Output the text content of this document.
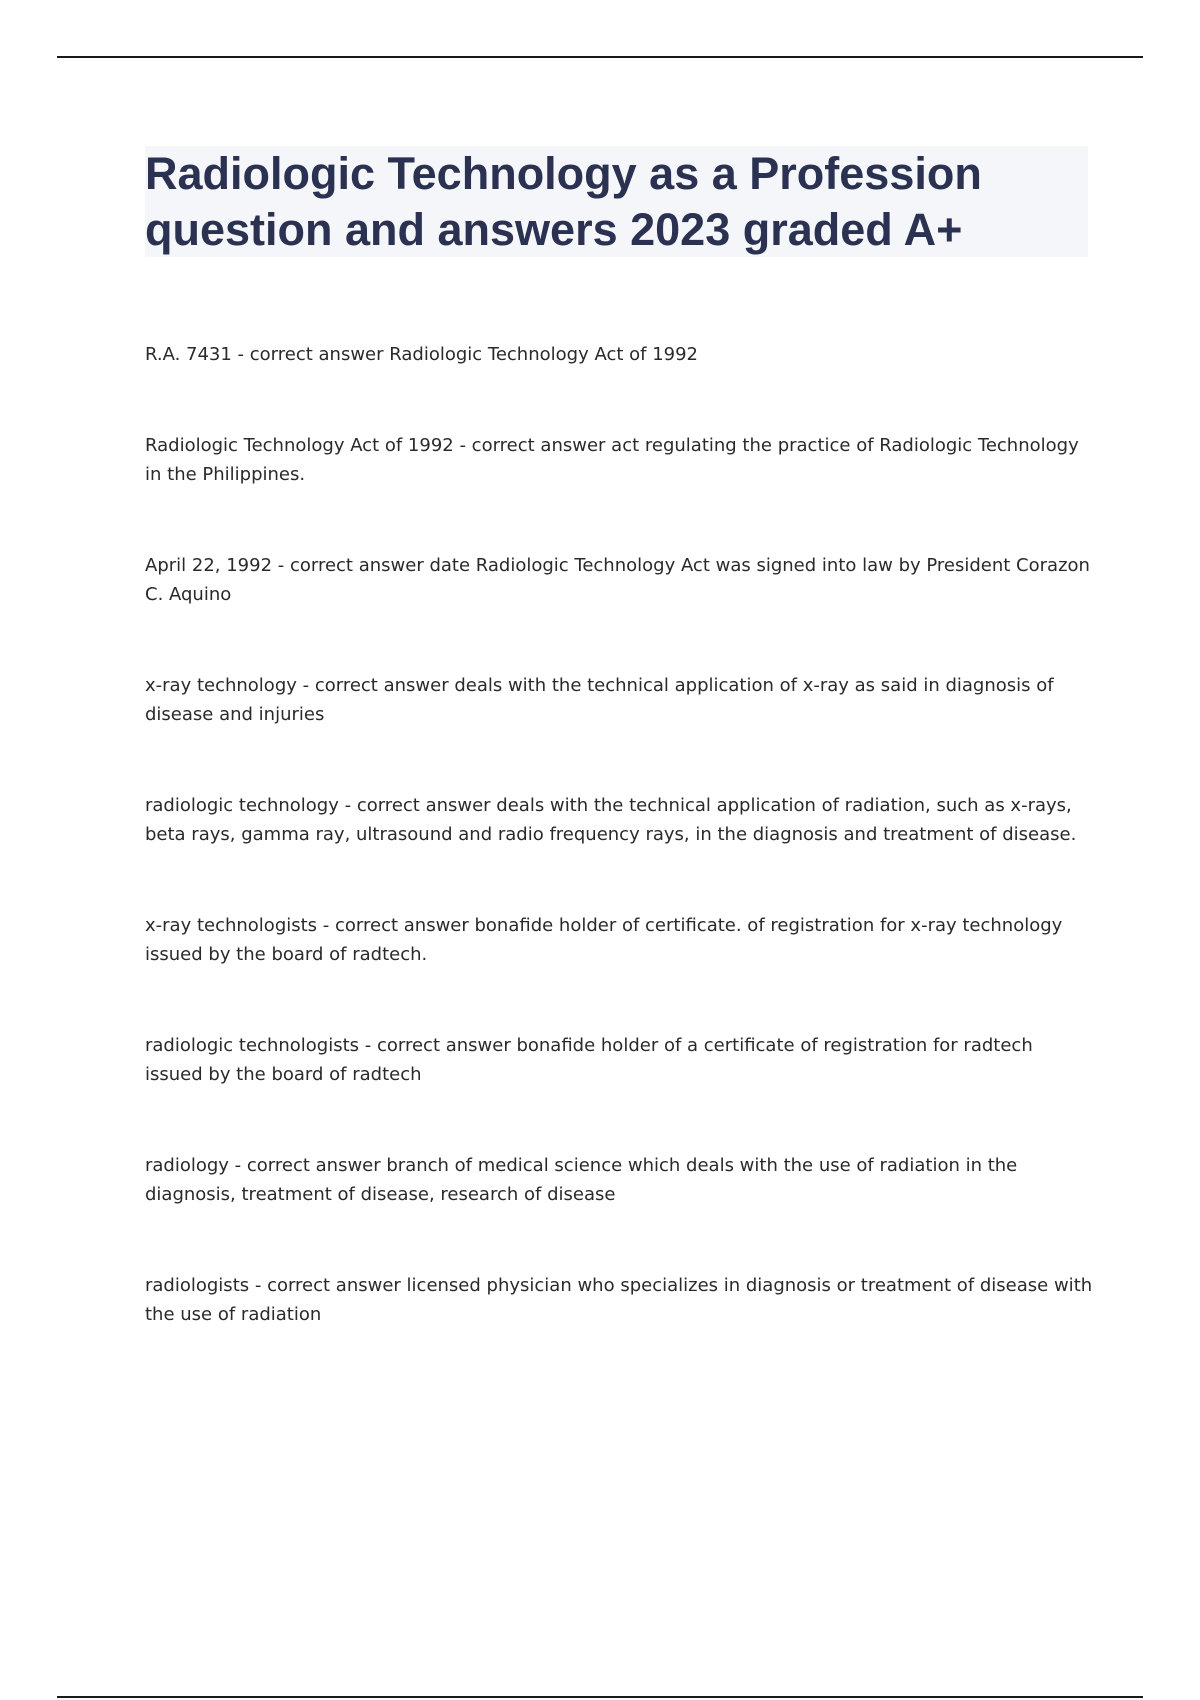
Radiologic Technology as a Profession
question and answers 2023 graded A+

R.A. 7431 - correct answer Radiologic Technology Act of 1992

Radiologic Technology Act of 1992 - correct answer act regulating the practice of Radiologic Technology
in the Philippines.

April 22, 1992 - correct answer date Radiologic Technology Act was signed into law by President Corazon
C. Aquino

x-ray technology - correct answer deals with the technical application of x-ray as said in diagnosis of
disease and injuries

radiologic technology - correct answer deals with the technical application of radiation, such as x-rays,
beta rays, gamma ray, ultrasound and radio frequency rays, in the diagnosis and treatment of disease.

x-ray technologists - correct answer bonafide holder of certificate. of registration for x-ray technology
issued by the board of radtech.

radiologic technologists - correct answer bonafide holder of a certificate of registration for radtech
issued by the board of radtech

radiology - correct answer branch of medical science which deals with the use of radiation in the
diagnosis, treatment of disease, research of disease

radiologists - correct answer licensed physician who specializes in diagnosis or treatment of disease with
the use of radiation
